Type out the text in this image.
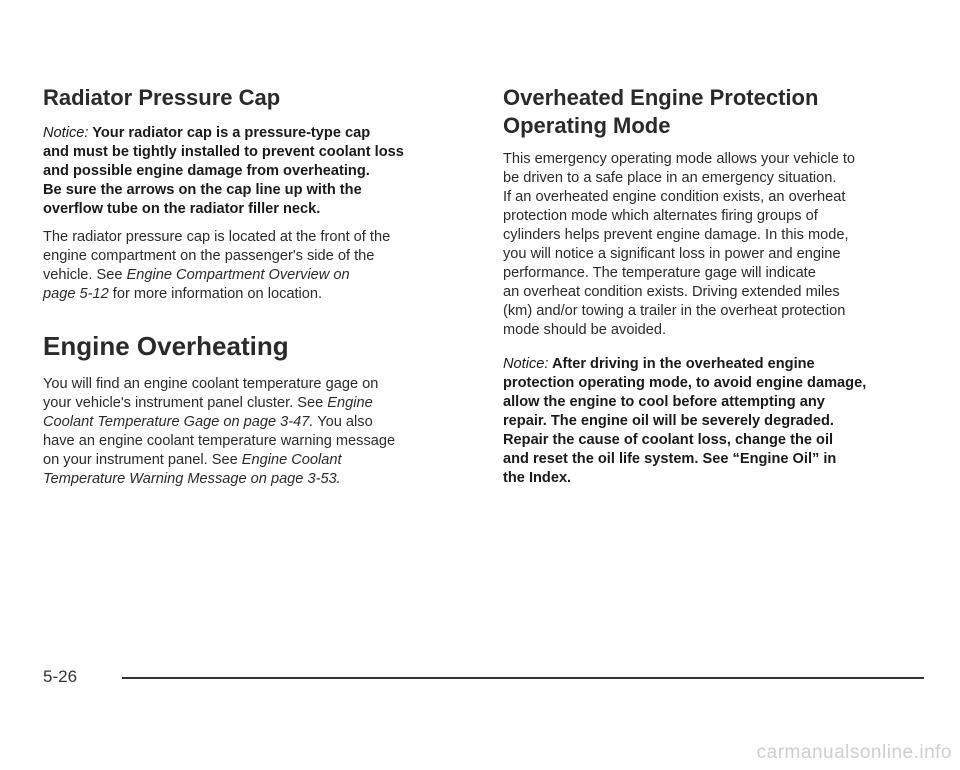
Radiator Pressure Cap

Notice: Your radiator cap is a pressure-type cap

and must be tightly installed to prevent coolant loss

and possible engine damage from overheating.

Be sure the arrows on the cap line up with the

overflow tube on the radiator filler neck.

The radiator pressure cap is located at the front of the

engine compartment on the passenger's side of the

vehicle. See Engine Compartment Overview on

page 5-12 for more information on location.

Engine Overheating

You will find an engine coolant temperature gage on

your vehicle's instrument panel cluster. See Engine

Coolant Temperature Gage on page 3-47. You also

have an engine coolant temperature warning message

on your instrument panel. See Engine Coolant

Temperature Warning Message on page 3-53.

Overheated Engine Protection
Operating Mode

This emergency operating mode allows your vehicle to

be driven to a safe place in an emergency situation.

If an overheated engine condition exists, an overheat

protection mode which alternates firing groups of

cylinders helps prevent engine damage. In this mode,

you will notice a significant loss in power and engine

performance. The temperature gage will indicate

an overheat condition exists. Driving extended miles

(km) and/or towing a trailer in the overheat protection

mode should be avoided.

Notice: After driving in the overheated engine

protection operating mode, to avoid engine damage,

allow the engine to cool before attempting any

repair. The engine oil will be severely degraded.

Repair the cause of coolant loss, change the oil

and reset the oil life system. See “Engine Oil” in

the Index.

5-26
carmanualsonline.info
